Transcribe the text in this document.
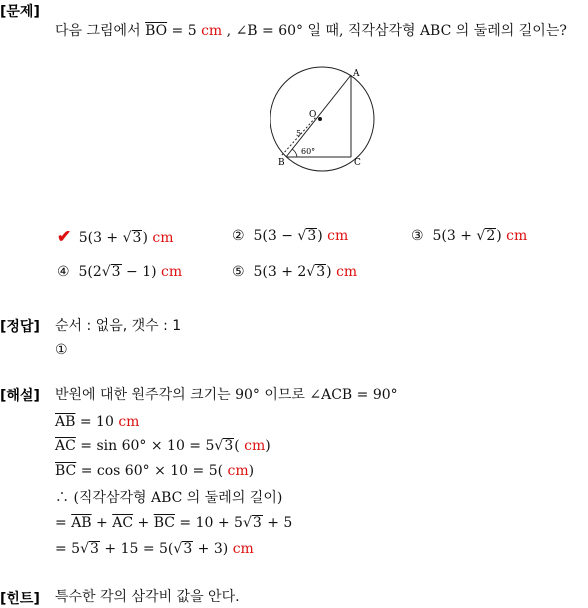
[문제]
[정답]
[해설]
[힌트]
다음 그림에서 $\overline{BO} = 5$ cm , ∠B = 60° 일 때, 직각삼각형 ABC 의 둘레의 길이는?
A
O
B	C
5
60°
✔ 5(3 + √3) cm	② 5(3 − √3) cm	③ 5(3 + √2) cm
④ 5(2√3 − 1) cm	⑤ 5(3 + 2√3) cm
순서 : 없음, 갯수 : 1
①
반원에 대한 원주각의 크기는 90° 이므로 ∠ACB = 90°
$\overline{AB} = 10$ cm
$\overline{AC} = \sin 60^\circ \times 10 = 5√3$( cm)
$\overline{BC} = \cos 60^\circ \times 10 = 5$( cm)
∴ (직각삼각형 ABC 의 둘레의 길이)
= $\overline{AB} + \overline{AC} + \overline{BC} = 10 + 5√3 + 5$
= 5√3 + 15 = 5(√3 + 3) cm
특수한 각의 삼각비 값을 안다.
